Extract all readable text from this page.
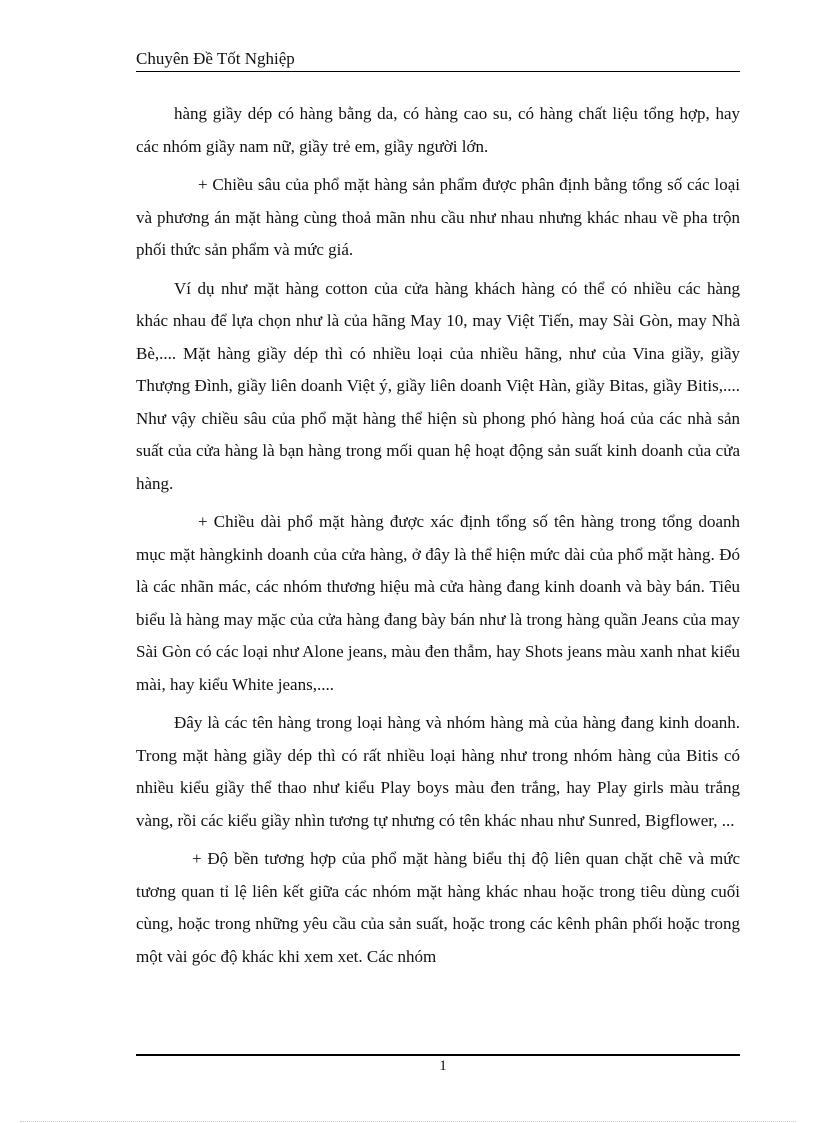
Chuyên Đề Tốt Nghiệp

hàng giầy dép có hàng bằng da, có hàng cao su, có hàng chất liệu tổng hợp, hay các nhóm giầy nam nữ, giầy trẻ em, giầy người lớn.

+ Chiều sâu của phổ mặt hàng sản phẩm được phân định bằng tổng số các loại và phương án mặt hàng cùng thoả mãn nhu cầu như nhau nhưng khác nhau về pha trộn phối thức sản phẩm và mức giá.

Ví dụ như mặt hàng cotton của cửa hàng khách hàng có thể có nhiều các hàng khác nhau để lựa chọn như là của hãng May 10, may Việt Tiến, may Sài Gòn, may Nhà Bè,.... Mặt hàng giầy dép thì có nhiều loại của nhiều hãng, như của Vina giầy, giầy Thượng Đình, giầy liên doanh Việt ý, giầy liên doanh Việt Hàn, giầy Bitas, giầy Bitis,.... Như vậy chiều sâu của phổ mặt hàng thể hiện sù phong phó hàng hoá của các nhà sản suất của cửa hàng là bạn hàng trong mối quan hệ hoạt động sản suất kinh doanh của cửa hàng.

+ Chiều dài phổ mặt hàng được xác định tổng số tên hàng trong tổng doanh mục mặt hàngkinh doanh của cửa hàng, ở đây là thể hiện mức dài của phổ mặt hàng. Đó là các nhãn mác, các nhóm thương hiệu mà cửa hàng đang kinh doanh và bày bán. Tiêu biểu là hàng may mặc của cửa hàng đang bày bán như là trong hàng quần Jeans của may Sài Gòn có các loại như Alone jeans, màu đen thẫm, hay Shots jeans màu xanh nhat kiểu mài, hay kiểu White jeans,....

Đây là các tên hàng trong loại hàng và nhóm hàng mà của hàng đang kinh doanh. Trong mặt hàng giầy dép thì có rất nhiều loại hàng như trong nhóm hàng của Bitis có nhiều kiểu giầy thể thao như kiểu Play boys màu đen trắng, hay Play girls màu trắng vàng, rồi các kiểu giầy nhìn tương tự nhưng có tên khác nhau như Sunred, Bigflower, ...

+ Độ bền tương hợp của phổ mặt hàng biểu thị độ liên quan chặt chẽ và mức tương quan tỉ lệ liên kết giữa các nhóm mặt hàng khác nhau hoặc trong tiêu dùng cuối cùng, hoặc trong những yêu cầu của sản suất, hoặc trong các kênh phân phối hoặc trong một vài góc độ khác khi xem xet. Các nhóm

1
